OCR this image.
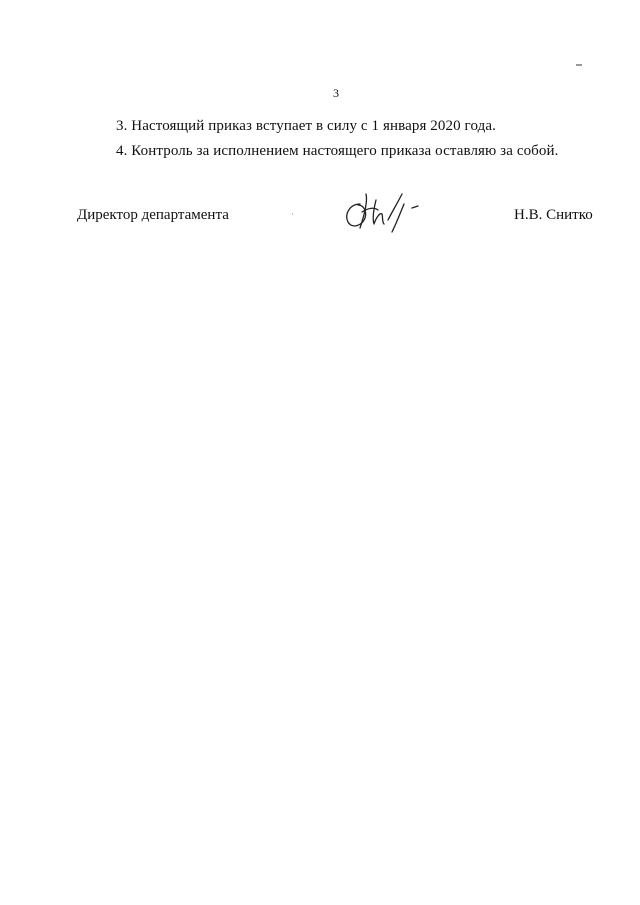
3
3. Настоящий приказ вступает в силу с 1 января 2020 года.
4. Контроль за исполнением настоящего приказа оставляю за собой.
Директор департамента	Н.В. Снитко
